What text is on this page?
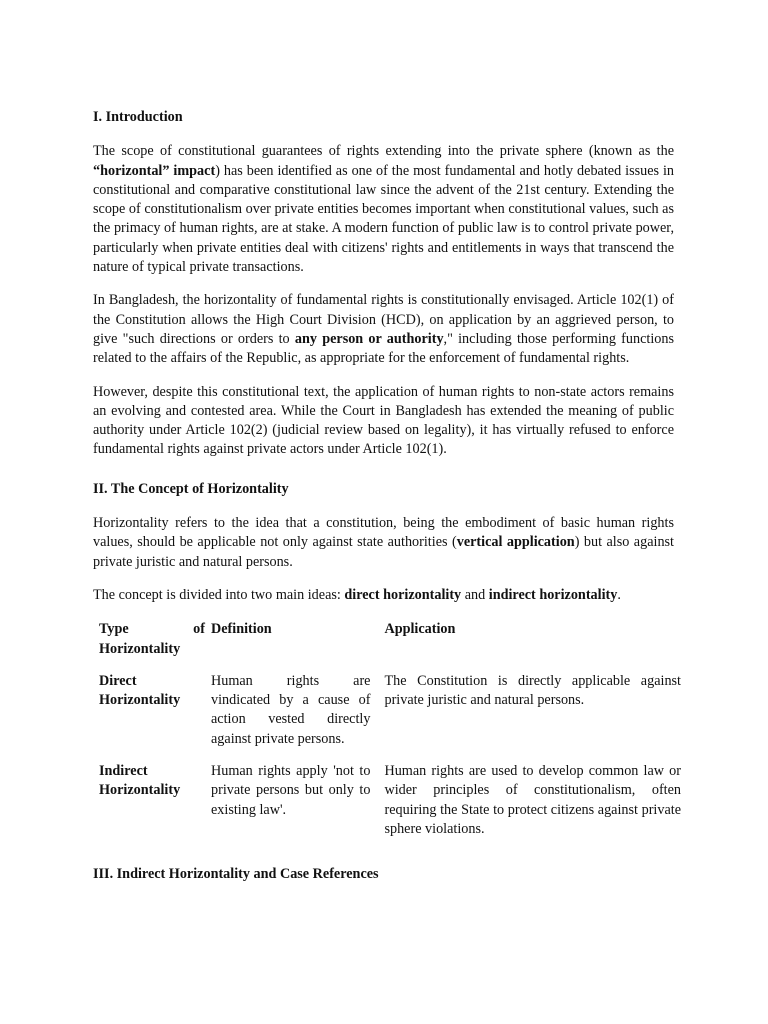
I. Introduction

The scope of constitutional guarantees of rights extending into the private sphere (known as the “horizontal” impact) has been identified as one of the most fundamental and hotly debated issues in constitutional and comparative constitutional law since the advent of the 21st century. Extending the scope of constitutionalism over private entities becomes important when constitutional values, such as the primacy of human rights, are at stake. A modern function of public law is to control private power, particularly when private entities deal with citizens' rights and entitlements in ways that transcend the nature of typical private transactions.

In Bangladesh, the horizontality of fundamental rights is constitutionally envisaged. Article 102(1) of the Constitution allows the High Court Division (HCD), on application by an aggrieved person, to give "such directions or orders to any person or authority," including those performing functions related to the affairs of the Republic, as appropriate for the enforcement of fundamental rights.

However, despite this constitutional text, the application of human rights to non-state actors remains an evolving and contested area. While the Court in Bangladesh has extended the meaning of public authority under Article 102(2) (judicial review based on legality), it has virtually refused to enforce fundamental rights against private actors under Article 102(1).

II. The Concept of Horizontality

Horizontality refers to the idea that a constitution, being the embodiment of basic human rights values, should be applicable not only against state authorities (vertical application) but also against private juristic and natural persons.

The concept is divided into two main ideas: direct horizontality and indirect horizontality.

Type of
Horizontality	Definition	Application
Direct Horizontality	Human rights are vindicated by a cause of action vested directly against private persons.	The Constitution is directly applicable against private juristic and natural persons.
Indirect Horizontality	Human rights apply 'not to private persons but only to existing law'.	Human rights are used to develop common law or wider principles of constitutionalism, often requiring the State to protect citizens against private sphere violations.
III. Indirect Horizontality and Case References
